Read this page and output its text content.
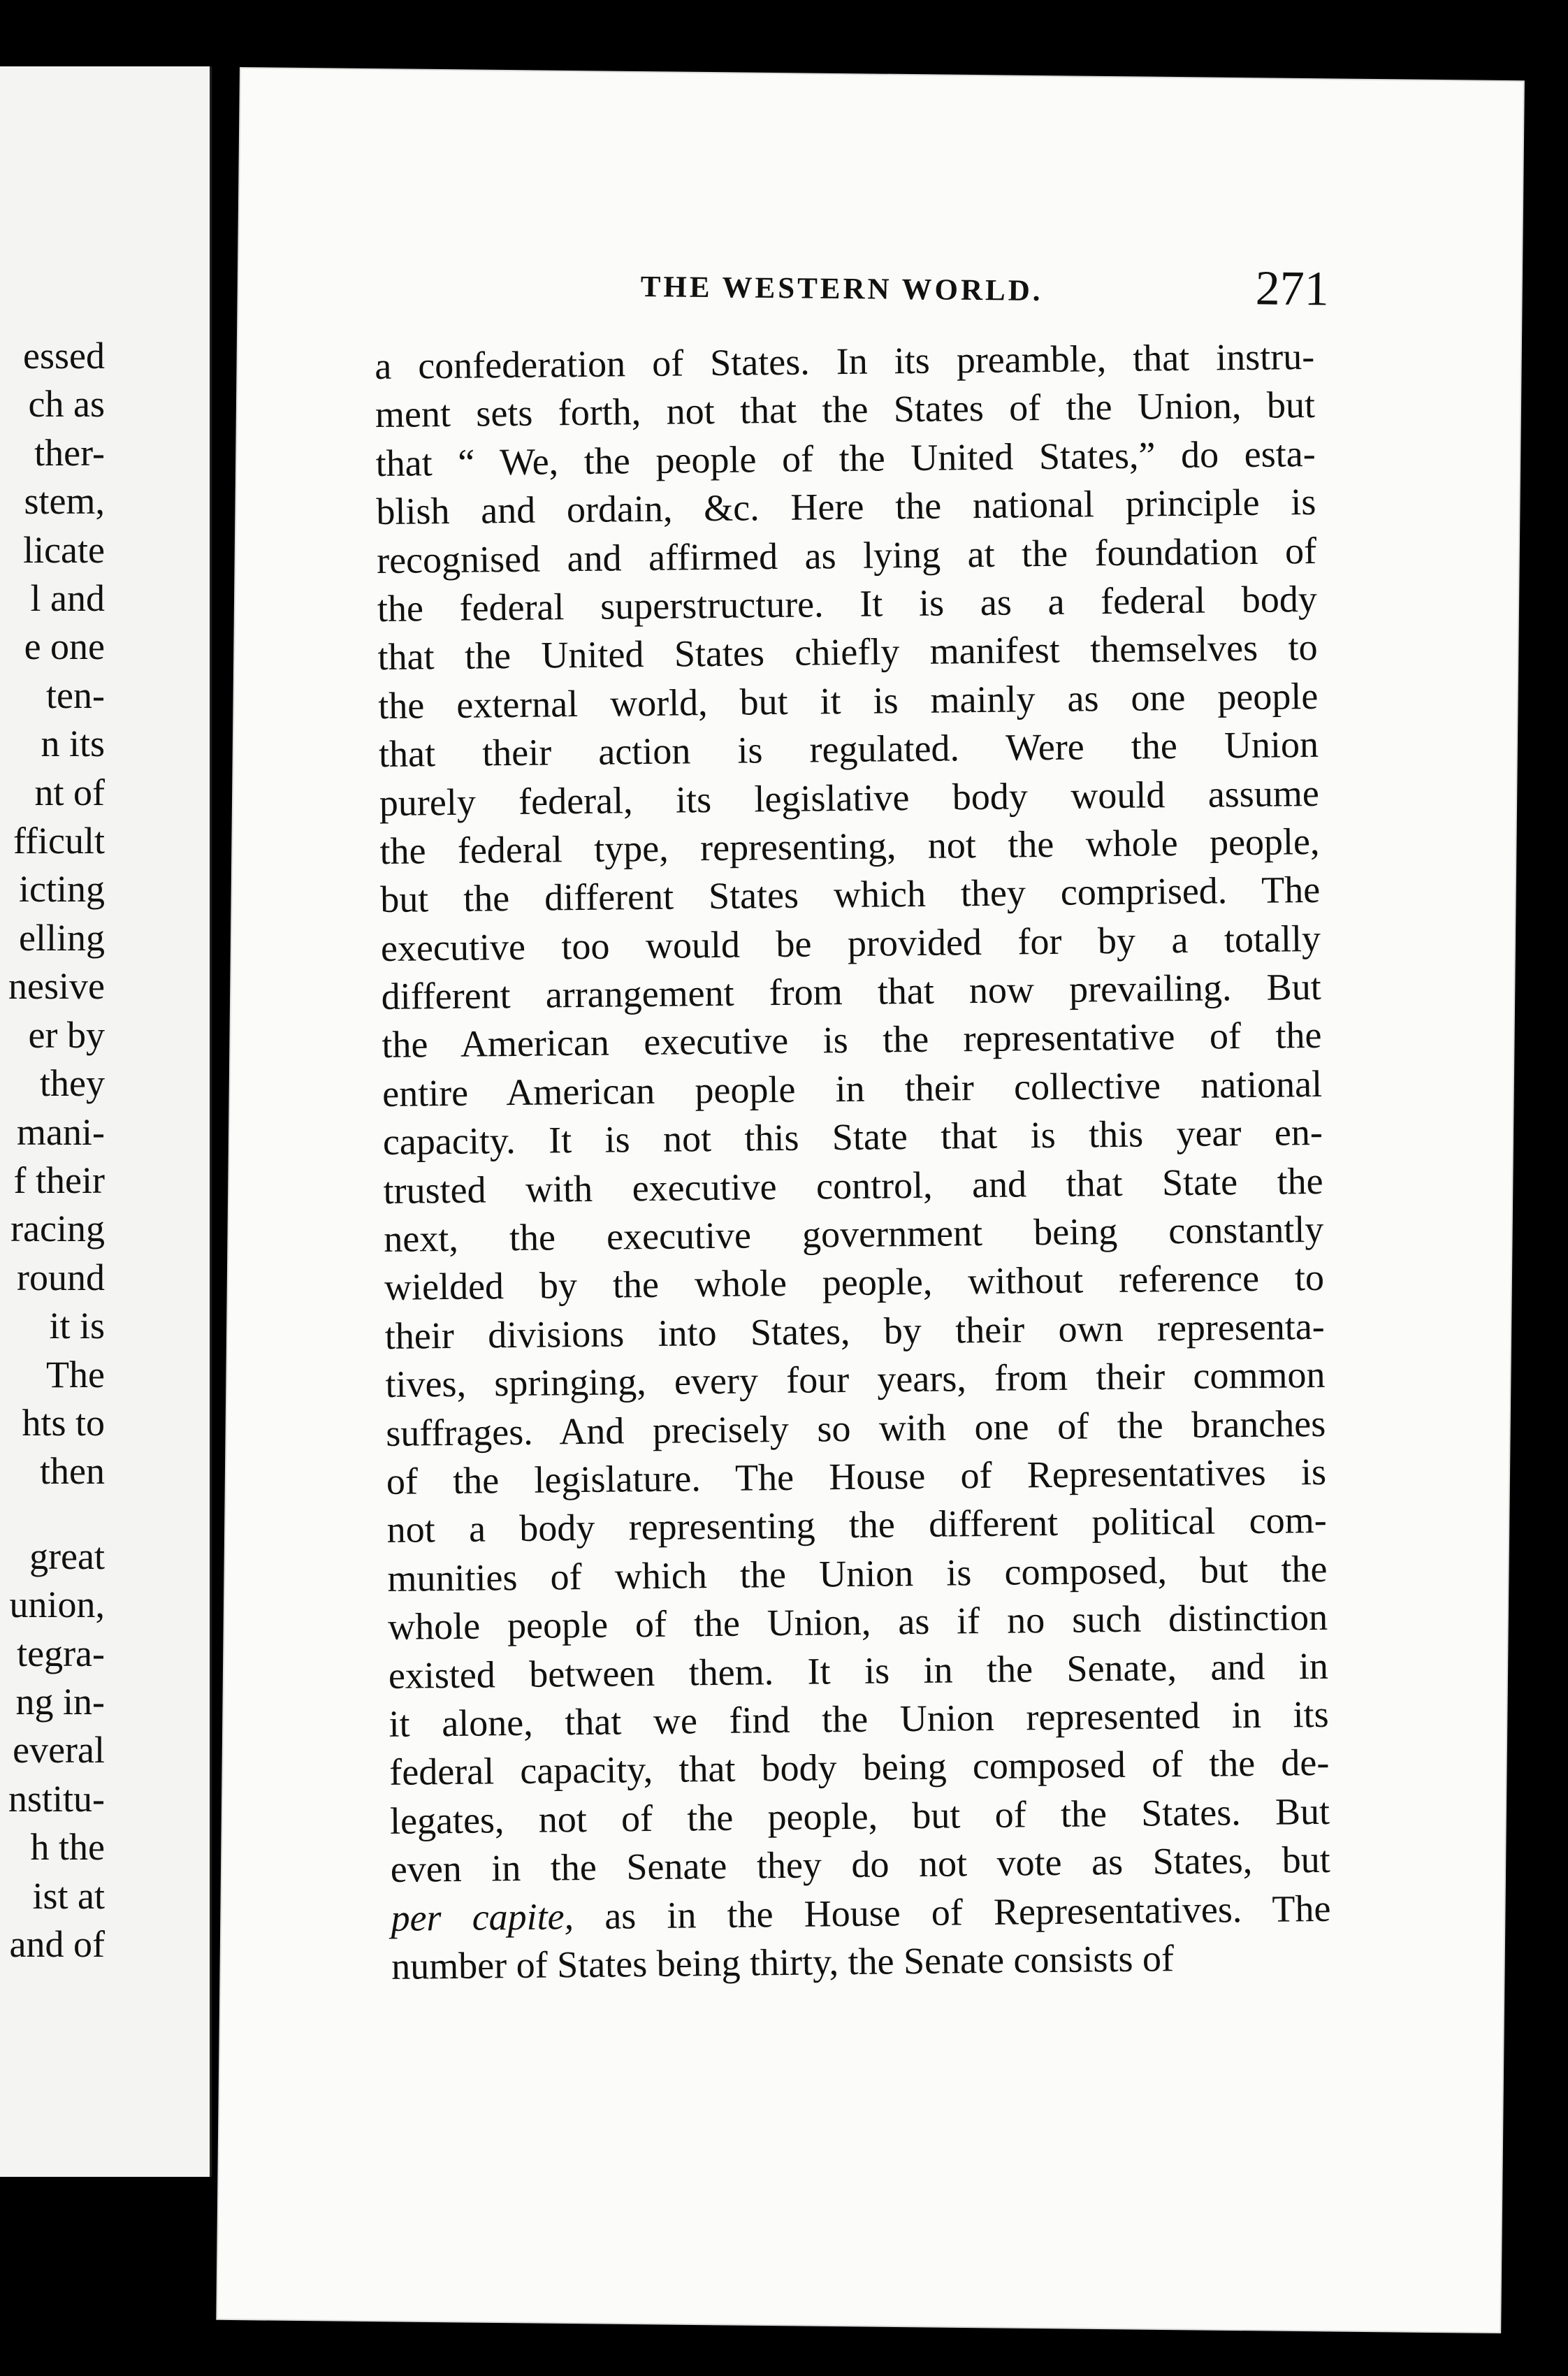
essed
ch as
ther-
stem,
licate
l and
e one
ten-
n its
nt of
fficult
icting
elling
nesive
er by
they
mani-
f their
racing
round
it is
The
hts to
then
great
union,
tegra-
ng in-
everal
nstitu-
h the
ist at
and of
THE WESTERN WORLD.	271
a confederation of States. In its preamble, that instru-
ment sets forth, not that the States of the Union, but
that “ We, the people of the United States,” do esta-
blish and ordain, &c. Here the national principle is
recognised and affirmed as lying at the foundation of
the federal superstructure. It is as a federal body
that the United States chiefly manifest themselves to
the external world, but it is mainly as one people
that their action is regulated. Were the Union
purely federal, its legislative body would assume
the federal type, representing, not the whole people,
but the different States which they comprised. The
executive too would be provided for by a totally
different arrangement from that now prevailing. But
the American executive is the representative of the
entire American people in their collective national
capacity. It is not this State that is this year en-
trusted with executive control, and that State the
next, the executive government being constantly
wielded by the whole people, without reference to
their divisions into States, by their own representa-
tives, springing, every four years, from their common
suffrages. And precisely so with one of the branches
of the legislature. The House of Representatives is
not a body representing the different political com-
munities of which the Union is composed, but the
whole people of the Union, as if no such distinction
existed between them. It is in the Senate, and in
it alone, that we find the Union represented in its
federal capacity, that body being composed of the de-
legates, not of the people, but of the States. But
even in the Senate they do not vote as States, but
per capite, as in the House of Representatives. The
number of States being thirty, the Senate consists of
